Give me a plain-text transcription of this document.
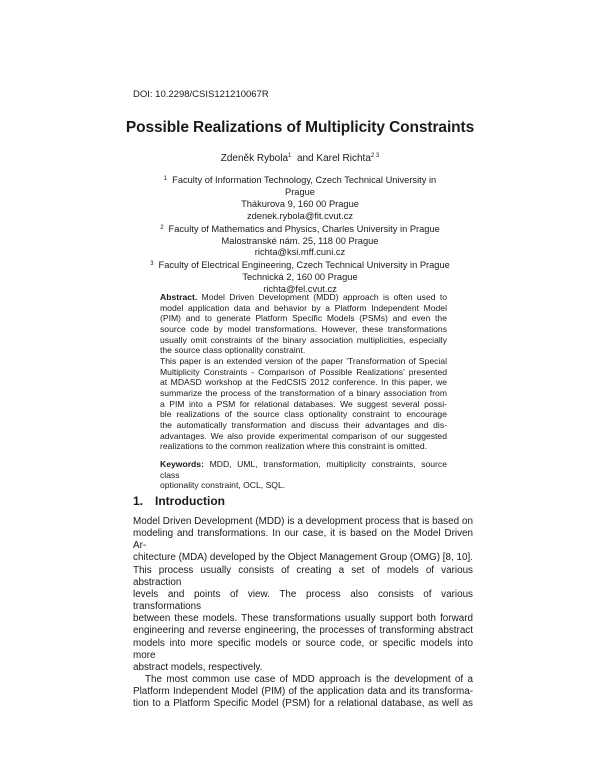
DOI: 10.2298/CSIS121210067R
Possible Realizations of Multiplicity Constraints
Zdeněk Rybola$^1$ and Karel Richta$^{2 3}$

$^1$ Faculty of Information Technology, Czech Technical University in Prague

Thákurova 9, 160 00 Prague

zdenek.rybola@fit.cvut.cz

$^2$ Faculty of Mathematics and Physics, Charles University in Prague

Malostranské nám. 25, 118 00 Prague

richta@ksi.mff.cuni.cz

$^3$ Faculty of Electrical Engineering, Czech Technical University in Prague

Technická 2, 160 00 Prague

richta@fel.cvut.cz

Abstract. Model Driven Development (MDD) approach is often used to
model application data and behavior by a Platform Independent Model
(PIM) and to generate Platform Specific Models (PSMs) and even the
source code by model transformations. However, these transformations
usually omit constraints of the binary association multiplicities, especially
the source class optionality constraint.
This paper is an extended version of the paper 'Transformation of Special
Multiplicity Constraints - Comparison of Possible Realizations' presented
at MDASD workshop at the FedCSIS 2012 conference. In this paper, we
summarize the process of the transformation of a binary association from
a PIM into a PSM for relational databases. We suggest several possi-
ble realizations of the source class optionality constraint to encourage
the automatically transformation and discuss their advantages and dis-
advantages. We also provide experimental comparison of our suggested
realizations to the common realization where this constraint is omitted.

Keywords: MDD, UML, transformation, multiplicity constraints, source class
optionality constraint, OCL, SQL.

1. Introduction

Model Driven Development (MDD) is a development process that is based on
modeling and transformations. In our case, it is based on the Model Driven Ar-
chitecture (MDA) developed by the Object Management Group (OMG) [8, 10].
This process usually consists of creating a set of models of various abstraction
levels and points of view. The process also consists of various transformations
between these models. These transformations usually support both forward
engineering and reverse engineering, the processes of transforming abstract
models into more specific models or source code, or specific models into more
abstract models, respectively.

The most common use case of MDD approach is the development of a
Platform Independent Model (PIM) of the application data and its transforma-
tion to a Platform Specific Model (PSM) for a relational database, as well as
